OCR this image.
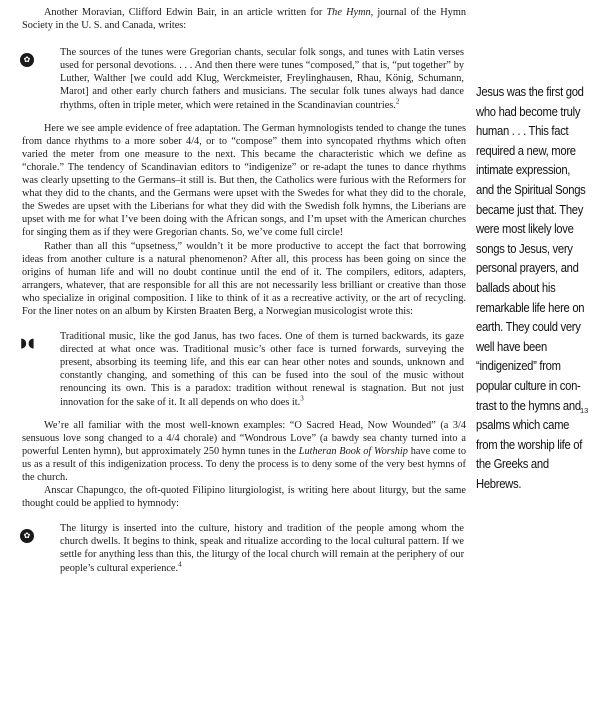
Another Moravian, Clifford Edwin Bair, in an article written for The Hymn, journal of the Hymn Society in the U. S. and Canada, writes:

✿
The sources of the tunes were Gregorian chants, secular folk songs, and tunes with Latin verses used for personal devotions. . . . And then there were tunes “composed,” that is, “put together” by Luther, Walther [we could add Klug, Werckmeister, Freylinghausen, Rhau, König, Schumann, Marot] and other early church fathers and musicians. The secular folk tunes always had dance rhythms, often in triple meter, which were retained in the Scandinavian countries.$^2$

Here we see ample evidence of free adaptation. The German hymnologists tended to change the tunes from dance rhythms to a more sober 4/4, or to “compose” them into syncopated rhythms which often varied the meter from one measure to the next. This became the characteristic which we define as “chorale.” The tendency of Scandinavian editors to “indigenize” or re-adapt the tunes to dance rhythms was clearly upsetting to the Germans–it still is. But then, the Catholics were furious with the Reformers for what they did to the chants, and the Germans were upset with the Swedes for what they did to the chorale, the Swedes are upset with the Liberians for what they did with the Swedish folk hymns, the Liberians are upset with me for what I’ve been doing with the African songs, and I’m upset with the American churches for singing them as if they were Gregorian chants. So, we’ve come full circle!

Rather than all this “upsetness,” wouldn’t it be more productive to accept the fact that borrowing ideas from another culture is a natural phenomenon? After all, this process has been going on since the origins of human life and will no doubt continue until the end of it. The compilers, editors, adapters, arrangers, whatever, that are responsible for all this are not necessarily less brilliant or creative than those who specialize in original composition. I like to think of it as a recreative activity, or the art of recycling. For the liner notes on an album by Kirsten Braaten Berg, a Norwegian musicologist wrote this:

◗◖	Traditional music, like the god Janus, has two faces. One of them is turned backwards, its gaze directed at what once was. Traditional music’s other face is turned forwards, surveying the present, absorbing its teeming life, and this ear can hear other notes and sounds, unknown and constantly changing, and something of this can be fused into the soul of the music without renouncing its own. This is a paradox: tradition without renewal is stagnation. But not just innovation for the sake of it. It all depends on who does it.$^3$

We’re all familiar with the most well-known examples: “O Sacred Head, Now Wounded” (a 3/4 sensuous love song changed to a 4/4 chorale) and “Wondrous Love” (a bawdy sea chanty turned into a powerful Lenten hymn), but approximately 250 hymn tunes in the Lutheran Book of Worship have come to us as a result of this indigenization process. To deny the process is to deny some of the very best hymns of the church.

Anscar Chapungco, the oft-quoted Filipino liturgiologist, is writing here about liturgy, but the same thought could be applied to hymnody:

✿
The liturgy is inserted into the culture, history and tradition of the people among whom the church dwells. It begins to think, speak and ritualize according to the local cultural pattern. If we settle for anything less than this, the liturgy of the local church will remain at the periphery of our people’s cultural experience.$^4$

Jesus was the first god
who had become truly
human . . . This fact
required a new, more
intimate expression,
and the Spiritual Songs
became just that. They
were most likely love
songs to Jesus, very
personal prayers, and
ballads about his
remarkable life here on
earth. They could very
well have been
“indigenized” from
popular culture in con-
trast to the hymns and
psalms which came
from the worship life of
the Greeks and
Hebrews.
13
